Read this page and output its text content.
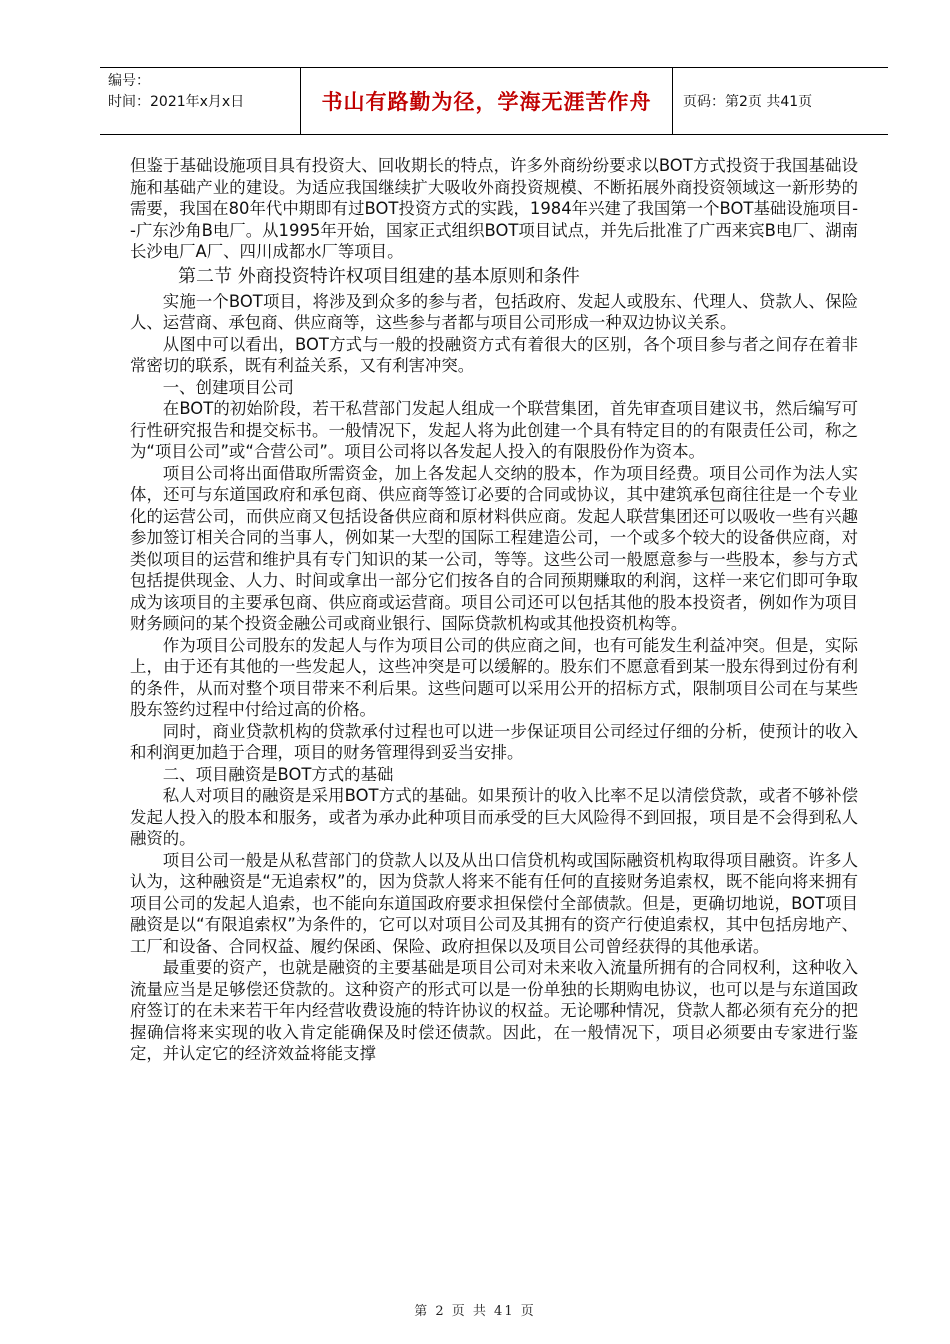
编号：
时间：2021年x月x日	书山有路勤为径，学海无涯苦作舟	页码：第2页 共41页

但鉴于基础设施项目具有投资大、回收期长的特点，许多外商纷纷要求以BOT方式投资于我国基础设施和基础产业的建设。为适应我国继续扩大吸收外商投资规模、不断拓展外商投资领域这一新形势的需要，我国在80年代中期即有过BOT投资方式的实践，1984年兴建了我国第一个BOT基础设施项目--广东沙角B电厂。从1995年开始，国家正式组织BOT项目试点，并先后批准了广西来宾B电厂、湖南长沙电厂A厂、四川成都水厂等项目。

第二节 外商投资特许权项目组建的基本原则和条件

实施一个BOT项目，将涉及到众多的参与者，包括政府、发起人或股东、代理人、贷款人、保险人、运营商、承包商、供应商等，这些参与者都与项目公司形成一种双边协议关系。

从图中可以看出，BOT方式与一般的投融资方式有着很大的区别，各个项目参与者之间存在着非常密切的联系，既有利益关系，又有利害冲突。

一、创建项目公司

在BOT的初始阶段，若干私营部门发起人组成一个联营集团，首先审查项目建议书，然后编写可行性研究报告和提交标书。一般情况下，发起人将为此创建一个具有特定目的的有限责任公司，称之为“项目公司”或“合营公司”。项目公司将以各发起人投入的有限股份作为资本。

项目公司将出面借取所需资金，加上各发起人交纳的股本，作为项目经费。项目公司作为法人实体，还可与东道国政府和承包商、供应商等签订必要的合同或协议，其中建筑承包商往往是一个专业化的运营公司，而供应商又包括设备供应商和原材料供应商。发起人联营集团还可以吸收一些有兴趣参加签订相关合同的当事人，例如某一大型的国际工程建造公司，一个或多个较大的设备供应商，对类似项目的运营和维护具有专门知识的某一公司，等等。这些公司一般愿意参与一些股本，参与方式包括提供现金、人力、时间或拿出一部分它们按各自的合同预期赚取的利润，这样一来它们即可争取成为该项目的主要承包商、供应商或运营商。项目公司还可以包括其他的股本投资者，例如作为项目财务顾问的某个投资金融公司或商业银行、国际贷款机构或其他投资机构等。

作为项目公司股东的发起人与作为项目公司的供应商之间，也有可能发生利益冲突。但是，实际上，由于还有其他的一些发起人，这些冲突是可以缓解的。股东们不愿意看到某一股东得到过份有利的条件，从而对整个项目带来不利后果。这些问题可以采用公开的招标方式，限制项目公司在与某些股东签约过程中付给过高的价格。

同时，商业贷款机构的贷款承付过程也可以进一步保证项目公司经过仔细的分析，使预计的收入和利润更加趋于合理，项目的财务管理得到妥当安排。

二、项目融资是BOT方式的基础

私人对项目的融资是采用BOT方式的基础。如果预计的收入比率不足以清偿贷款，或者不够补偿发起人投入的股本和服务，或者为承办此种项目而承受的巨大风险得不到回报，项目是不会得到私人融资的。

项目公司一般是从私营部门的贷款人以及从出口信贷机构或国际融资机构取得项目融资。许多人认为，这种融资是“无追索权”的，因为贷款人将来不能有任何的直接财务追索权，既不能向将来拥有项目公司的发起人追索，也不能向东道国政府要求担保偿付全部债款。但是，更确切地说，BOT项目融资是以“有限追索权”为条件的，它可以对项目公司及其拥有的资产行使追索权，其中包括房地产、工厂和设备、合同权益、履约保函、保险、政府担保以及项目公司曾经获得的其他承诺。

最重要的资产，也就是融资的主要基础是项目公司对未来收入流量所拥有的合同权利，这种收入流量应当是足够偿还贷款的。这种资产的形式可以是一份单独的长期购电协议，也可以是与东道国政府签订的在未来若干年内经营收费设施的特许协议的权益。无论哪种情况，贷款人都必须有充分的把握确信将来实现的收入肯定能确保及时偿还债款。因此，在一般情况下，项目必须要由专家进行鉴定，并认定它的经济效益将能支撑

第 2 页 共 41 页
